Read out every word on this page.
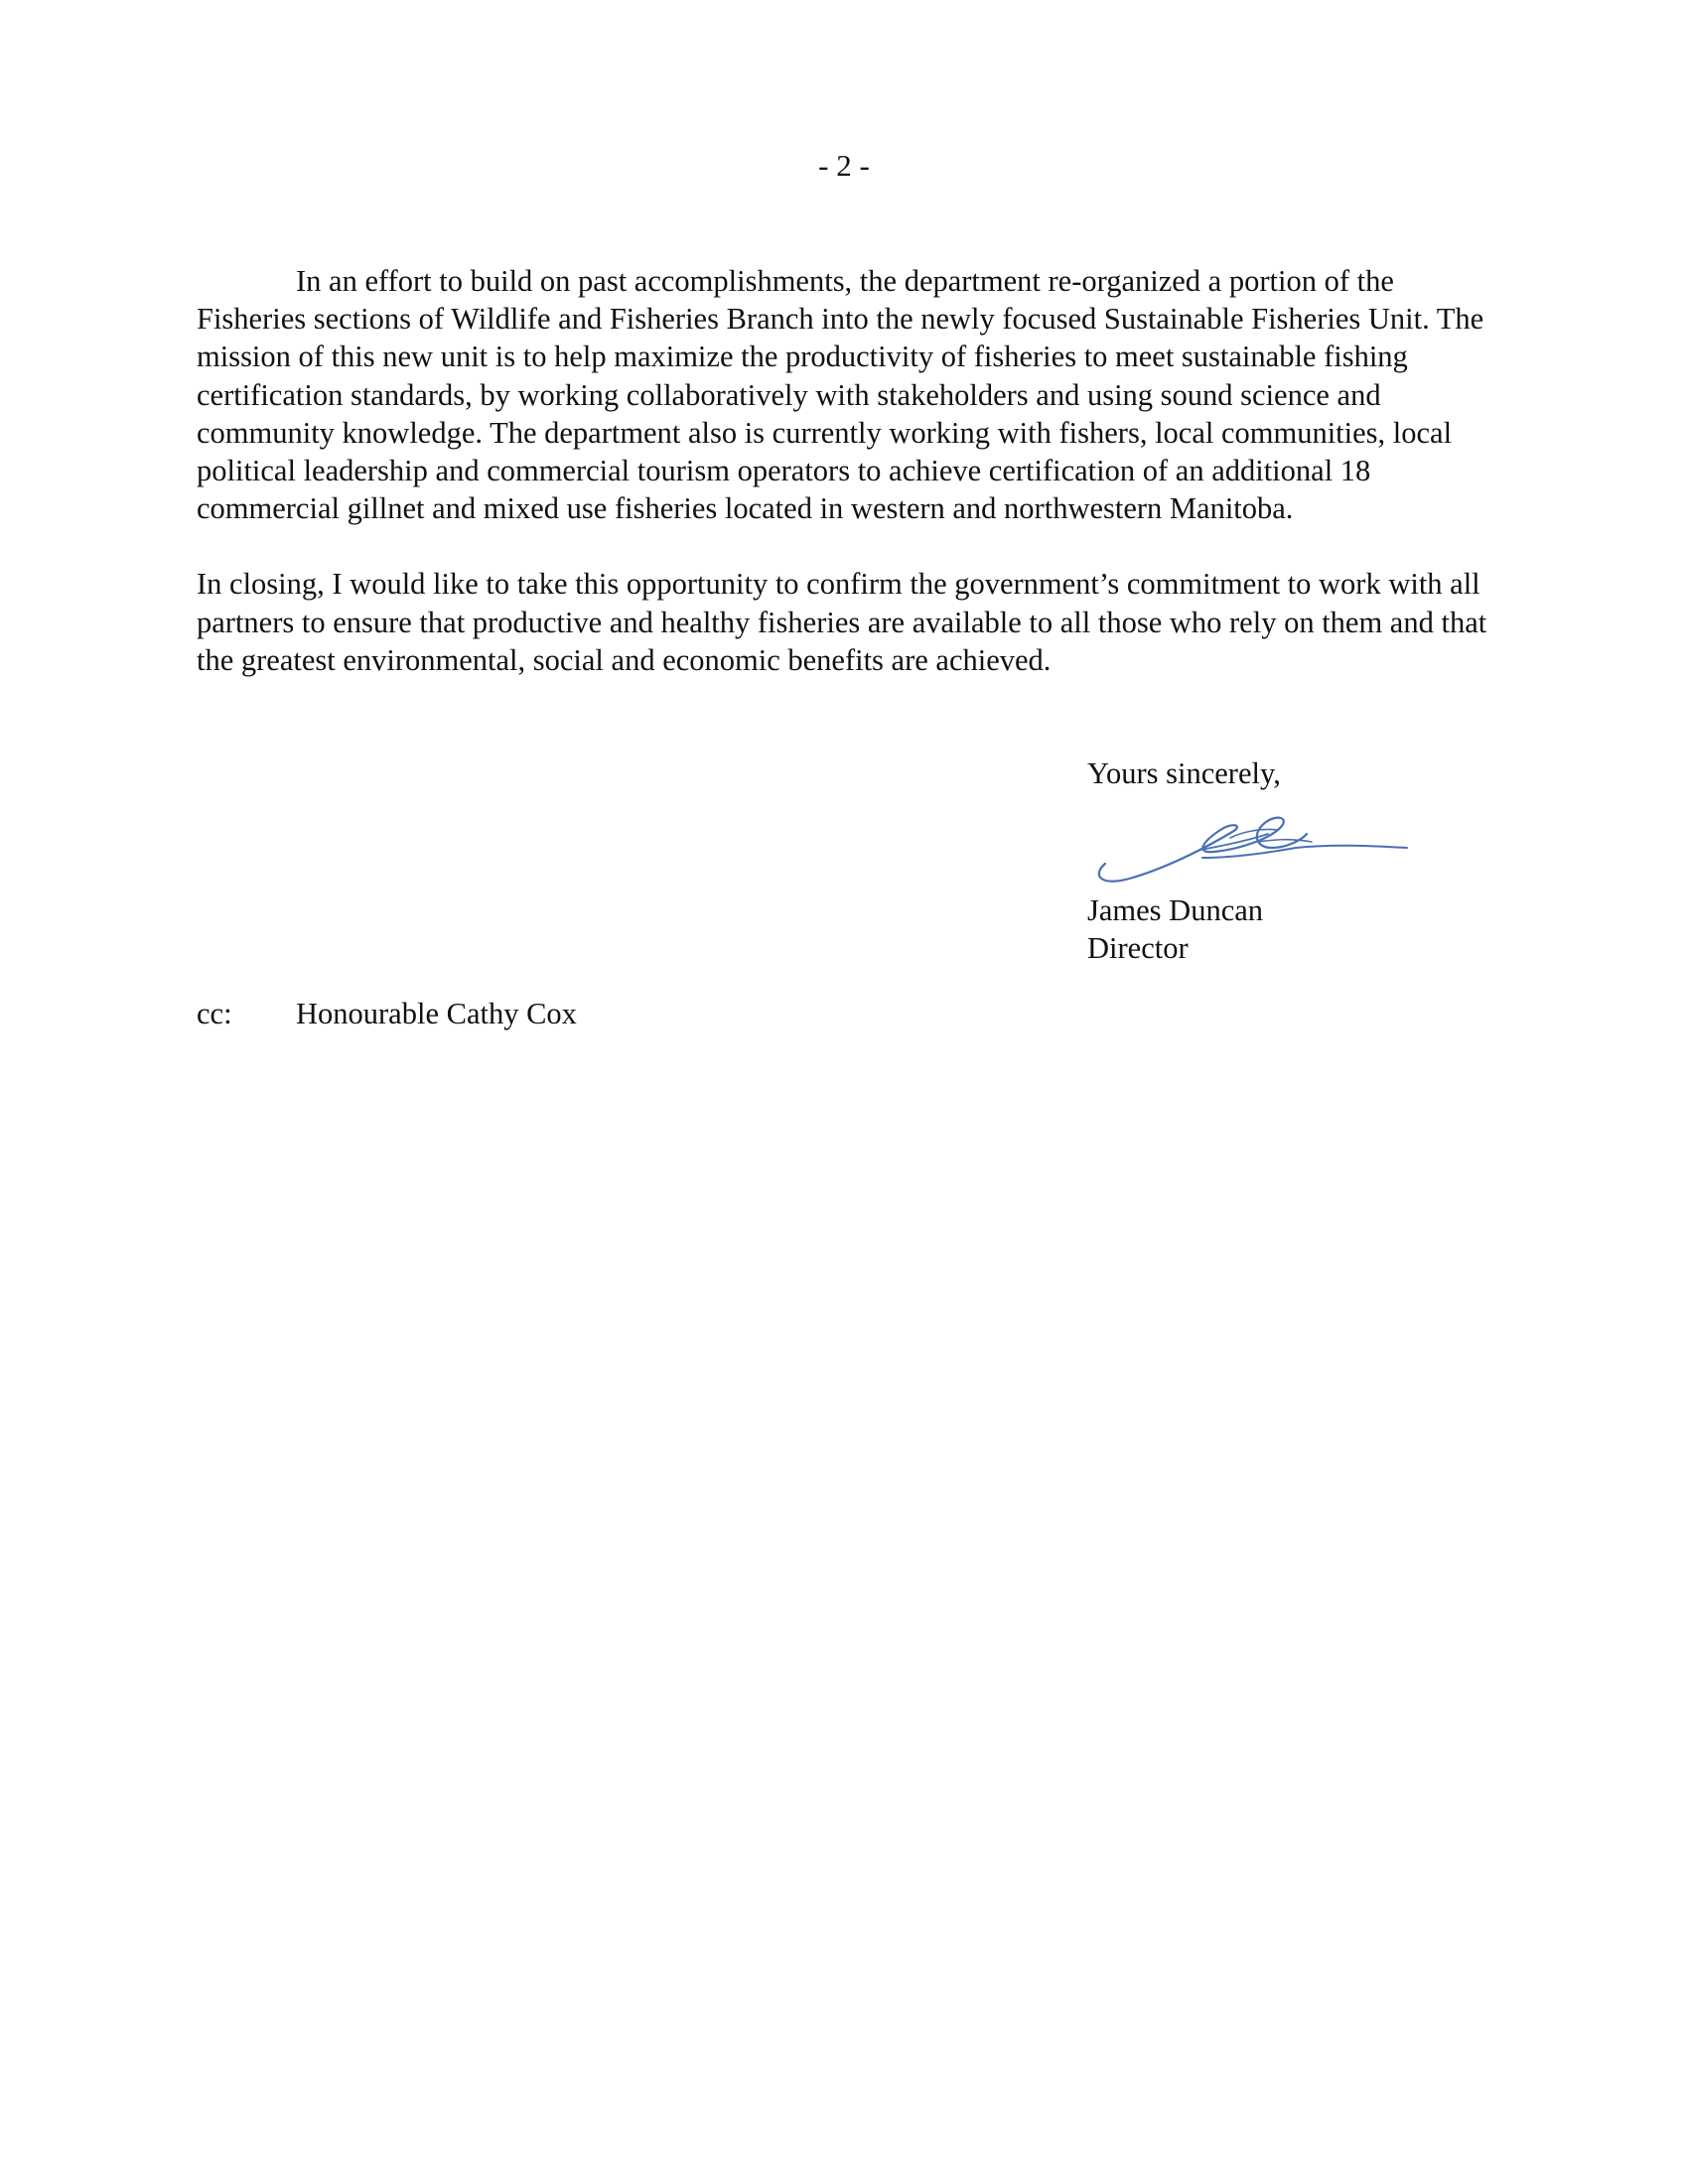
- 2 -

In an effort to build on past accomplishments, the department re-organized a portion of the Fisheries sections of Wildlife and Fisheries Branch into the newly focused Sustainable Fisheries Unit. The mission of this new unit is to help maximize the productivity of fisheries to meet sustainable fishing certification standards, by working collaboratively with stakeholders and using sound science and community knowledge. The department also is currently working with fishers, local communities, local political leadership and commercial tourism operators to achieve certification of an additional 18 commercial gillnet and mixed use fisheries located in western and northwestern Manitoba.

In closing, I would like to take this opportunity to confirm the government’s commitment to work with all partners to ensure that productive and healthy fisheries are available to all those who rely on them and that the greatest environmental, social and economic benefits are achieved.

Yours sincerely,
James Duncan
Director
cc:	Honourable Cathy Cox
